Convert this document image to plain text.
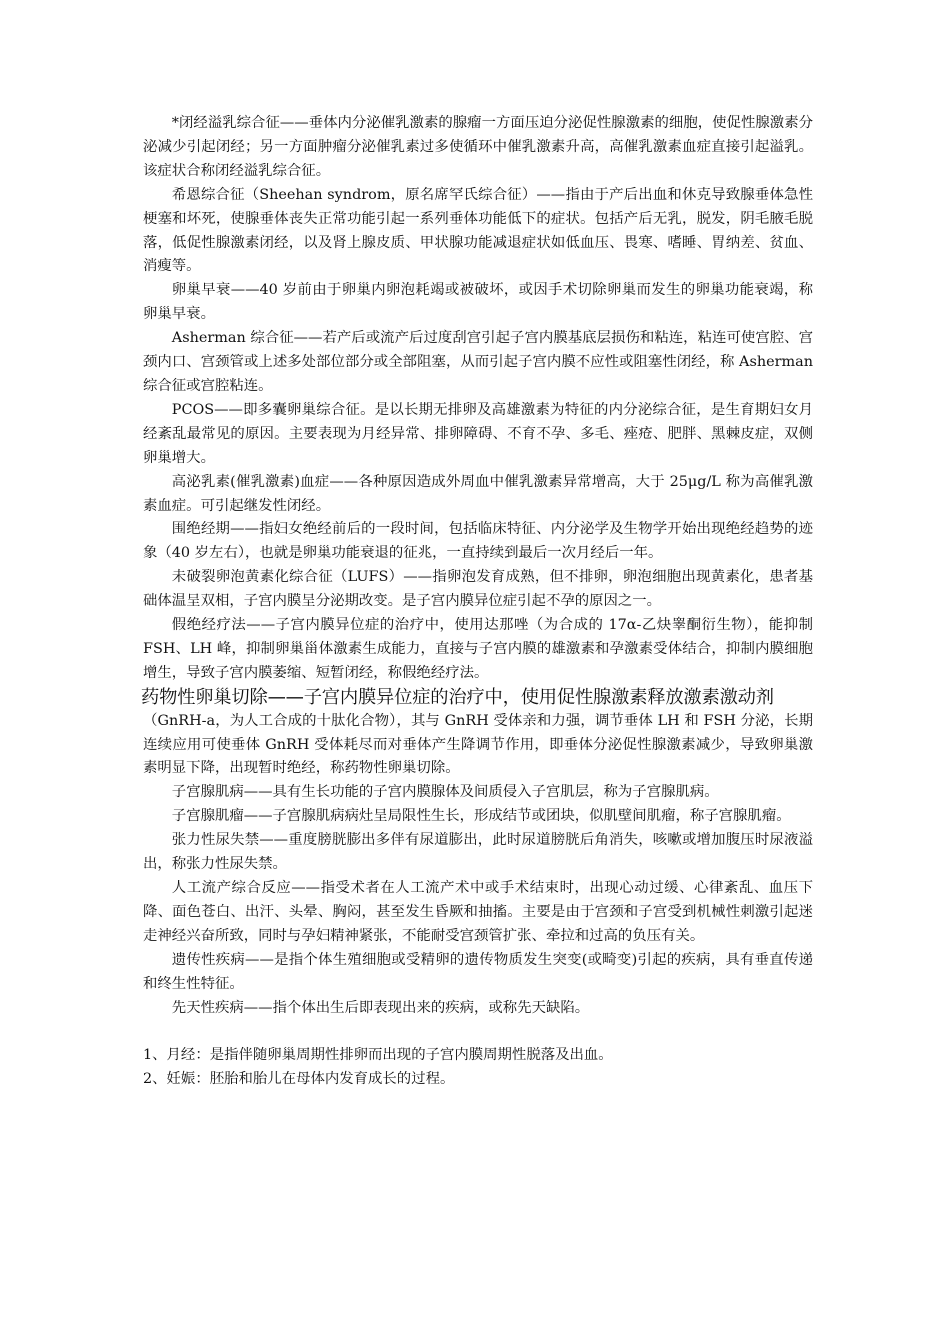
*闭经溢乳综合征——垂体内分泌催乳激素的腺瘤一方面压迫分泌促性腺激素的细胞，使促性腺激素分泌减少引起闭经；另一方面肿瘤分泌催乳素过多使循环中催乳激素升高，高催乳激素血症直接引起溢乳。该症状合称闭经溢乳综合征。

希恩综合征（Sheehan syndrom，原名席罕氏综合征）——指由于产后出血和休克导致腺垂体急性梗塞和坏死，使腺垂体丧失正常功能引起一系列垂体功能低下的症状。包括产后无乳，脱发，阴毛腋毛脱落，低促性腺激素闭经，以及肾上腺皮质、甲状腺功能减退症状如低血压、畏寒、嗜睡、胃纳差、贫血、消瘦等。

卵巢早衰——40 岁前由于卵巢内卵泡耗竭或被破坏，或因手术切除卵巢而发生的卵巢功能衰竭，称卵巢早衰。

Asherman 综合征——若产后或流产后过度刮宫引起子宫内膜基底层损伤和粘连，粘连可使宫腔、宫颈内口、宫颈管或上述多处部位部分或全部阻塞，从而引起子宫内膜不应性或阻塞性闭经，称 Asherman 综合征或宫腔粘连。

PCOS——即多囊卵巢综合征。是以长期无排卵及高雄激素为特征的内分泌综合征，是生育期妇女月经紊乱最常见的原因。主要表现为月经异常、排卵障碍、不育不孕、多毛、痤疮、肥胖、黑棘皮症，双侧卵巢增大。

高泌乳素(催乳激素)血症——各种原因造成外周血中催乳激素异常增高，大于 25μg/L 称为高催乳激素血症。可引起继发性闭经。

围绝经期——指妇女绝经前后的一段时间，包括临床特征、内分泌学及生物学开始出现绝经趋势的迹象（40 岁左右），也就是卵巢功能衰退的征兆，一直持续到最后一次月经后一年。

未破裂卵泡黄素化综合征（LUFS）——指卵泡发育成熟，但不排卵，卵泡细胞出现黄素化，患者基础体温呈双相，子宫内膜呈分泌期改变。是子宫内膜异位症引起不孕的原因之一。

假绝经疗法——子宫内膜异位症的治疗中，使用达那唑（为合成的 17α-乙炔睾酮衍生物），能抑制 FSH、LH 峰，抑制卵巢甾体激素生成能力，直接与子宫内膜的雄激素和孕激素受体结合，抑制内膜细胞增生，导致子宫内膜萎缩、短暂闭经，称假绝经疗法。

药物性卵巢切除——子宫内膜异位症的治疗中，使用促性腺激素释放激素激动剂

（GnRH-a，为人工合成的十肽化合物），其与 GnRH 受体亲和力强，调节垂体 LH 和 FSH 分泌，长期连续应用可使垂体 GnRH 受体耗尽而对垂体产生降调节作用，即垂体分泌促性腺激素减少，导致卵巢激素明显下降，出现暂时绝经，称药物性卵巢切除。

子宫腺肌病——具有生长功能的子宫内膜腺体及间质侵入子宫肌层，称为子宫腺肌病。

子宫腺肌瘤——子宫腺肌病病灶呈局限性生长，形成结节或团块，似肌壁间肌瘤，称子宫腺肌瘤。

张力性尿失禁——重度膀胱膨出多伴有尿道膨出，此时尿道膀胱后角消失，咳嗽或增加腹压时尿液溢出，称张力性尿失禁。

人工流产综合反应——指受术者在人工流产术中或手术结束时，出现心动过缓、心律紊乱、血压下降、面色苍白、出汗、头晕、胸闷，甚至发生昏厥和抽搐。主要是由于宫颈和子宫受到机械性刺激引起迷走神经兴奋所致，同时与孕妇精神紧张，不能耐受宫颈管扩张、牵拉和过高的负压有关。

遗传性疾病——是指个体生殖细胞或受精卵的遗传物质发生突变(或畸变)引起的疾病，具有垂直传递和终生性特征。

先天性疾病——指个体出生后即表现出来的疾病，或称先天缺陷。

1、月经：是指伴随卵巢周期性排卵而出现的子宫内膜周期性脱落及出血。

2、妊娠：胚胎和胎儿在母体内发育成长的过程。
